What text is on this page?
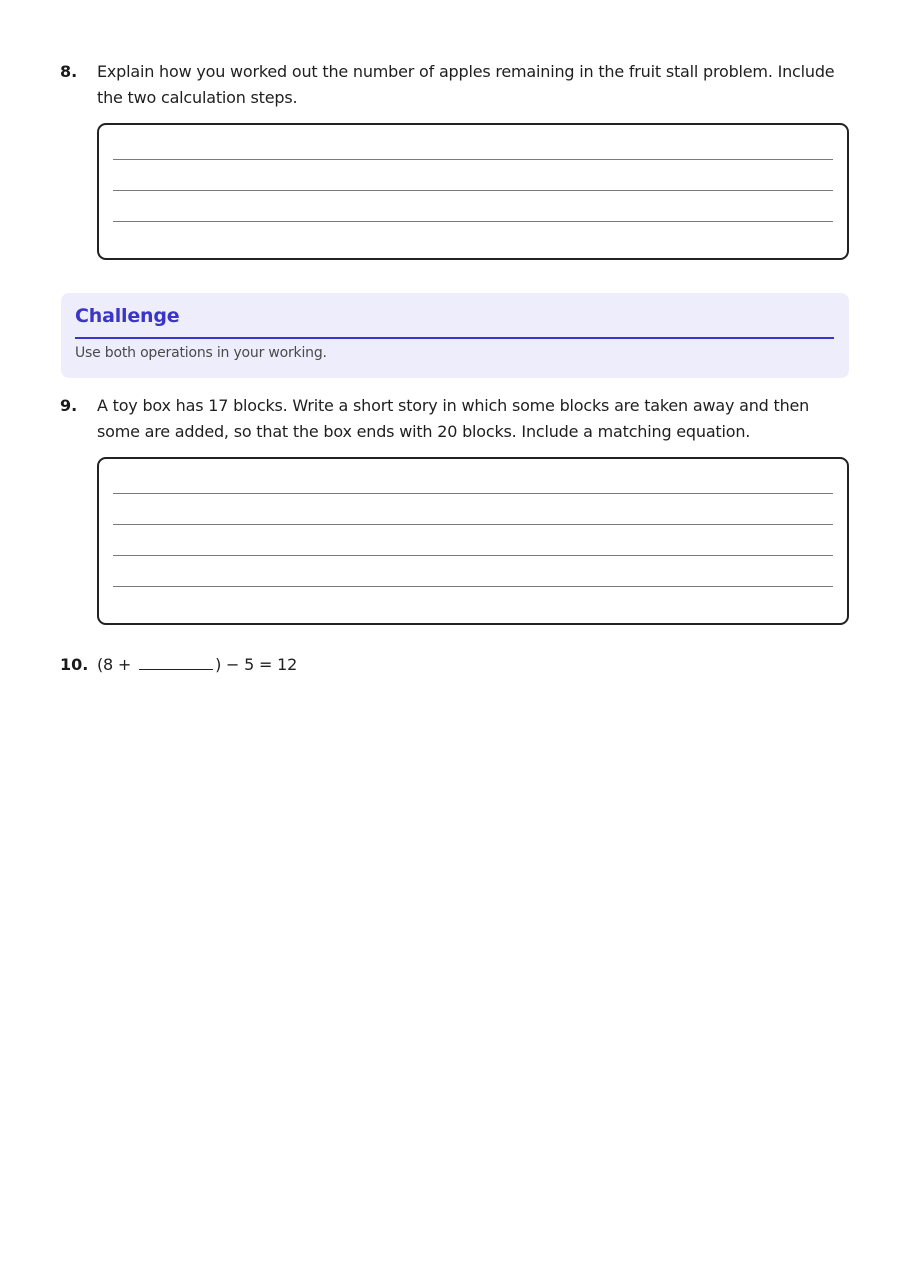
8. Explain how you worked out the number of apples remaining in the fruit stall problem. Include the two calculation steps.
Challenge
Use both operations in your working.
9. A toy box has 17 blocks. Write a short story in which some blocks are taken away and then some are added, so that the box ends with 20 blocks. Include a matching equation.
10. (8 +	) − 5 = 12
